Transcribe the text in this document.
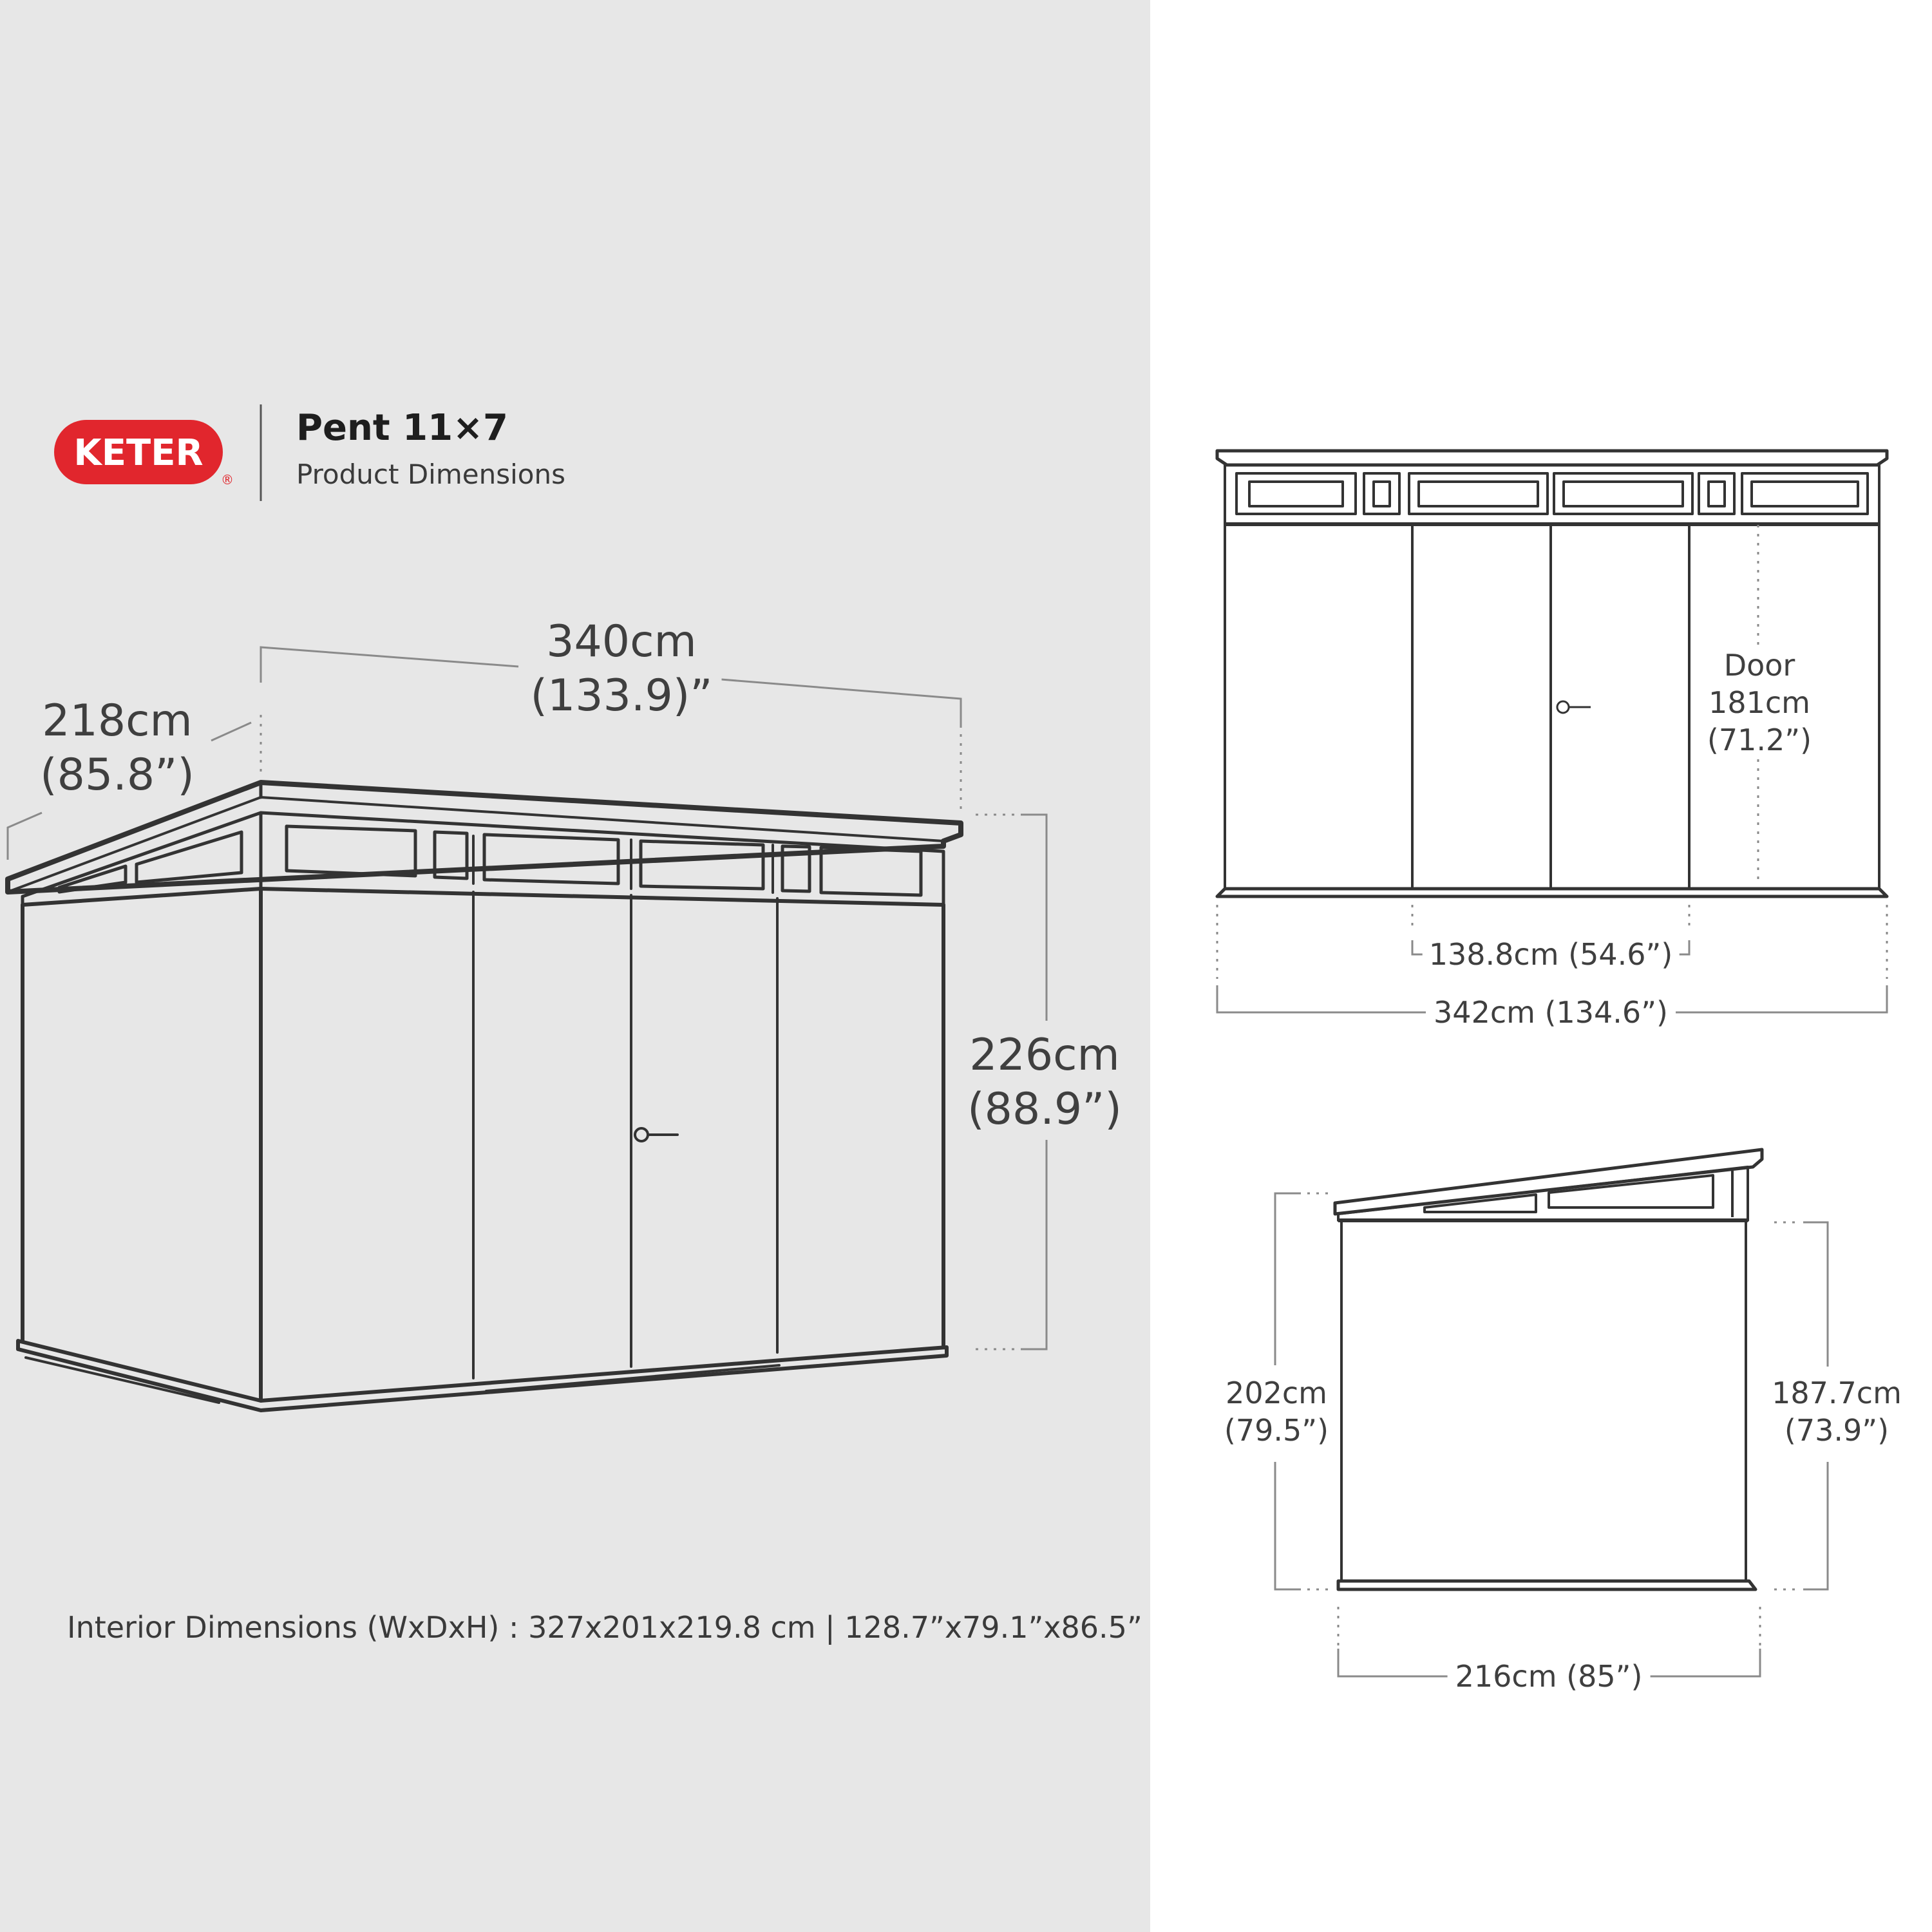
KETER
®
Pent 11×7
Product Dimensions
340cm
(133.9)”
218cm
(85.8”)
226cm
(88.9”)
Door
181cm
(71.2”)
138.8cm (54.6”)
342cm (134.6”)
202cm
(79.5”)
187.7cm
(73.9”)
216cm (85”)
Interior Dimensions (WxDxH) : 327x201x219.8 cm | 128.7”x79.1”x86.5”
